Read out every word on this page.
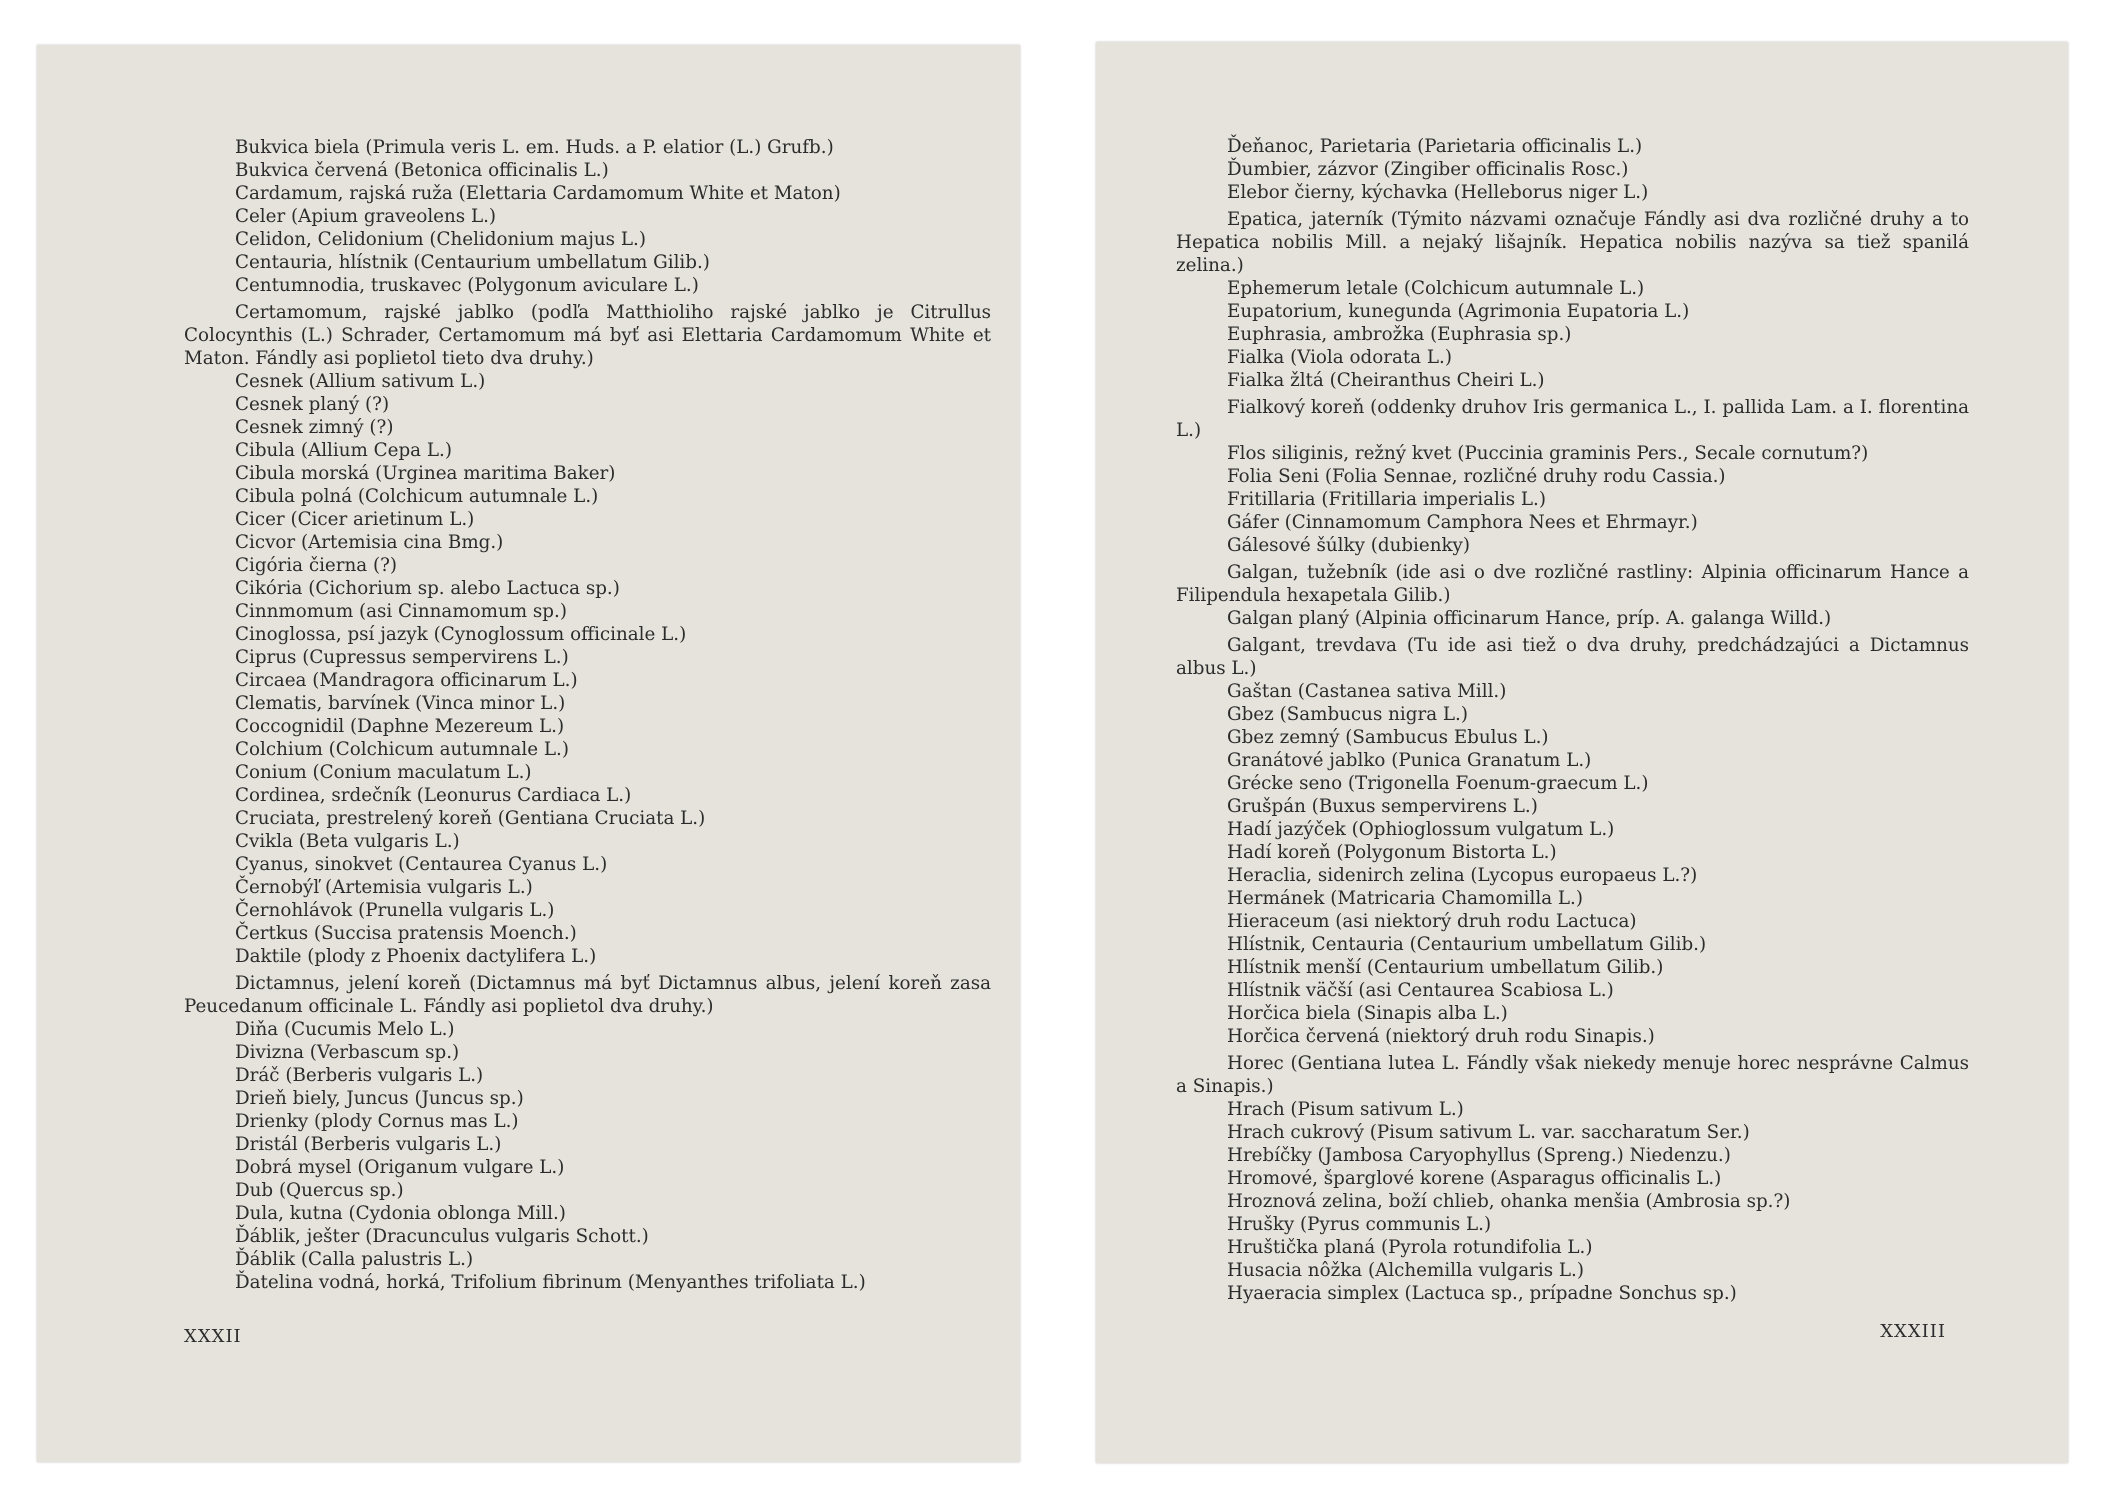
Bukvica biela (Primula veris L. em. Huds. a P. elatior (L.) Grufb.)

Bukvica červená (Betonica officinalis L.)

Cardamum, rajská ruža (Elettaria Cardamomum White et Maton)

Celer (Apium graveolens L.)

Celidon, Celidonium (Chelidonium majus L.)

Centauria, hlístnik (Centaurium umbellatum Gilib.)

Centumnodia, truskavec (Polygonum aviculare L.)

Certamomum, rajské jablko (podľa Matthioliho rajské jablko je Citrullus Colocynthis (L.) Schrader, Certamomum má byť asi Elettaria Cardamomum White et Maton. Fándly asi poplietol tieto dva druhy.)

Cesnek (Allium sativum L.)

Cesnek planý (?)

Cesnek zimný (?)

Cibula (Allium Cepa L.)

Cibula morská (Urginea maritima Baker)

Cibula polná (Colchicum autumnale L.)

Cicer (Cicer arietinum L.)

Cicvor (Artemisia cina Bmg.)

Cigória čierna (?)

Cikória (Cichorium sp. alebo Lactuca sp.)

Cinnmomum (asi Cinnamomum sp.)

Cinoglossa, psí jazyk (Cynoglossum officinale L.)

Ciprus (Cupressus sempervirens L.)

Circaea (Mandragora officinarum L.)

Clematis, barvínek (Vinca minor L.)

Coccognidil (Daphne Mezereum L.)

Colchium (Colchicum autumnale L.)

Conium (Conium maculatum L.)

Cordinea, srdečník (Leonurus Cardiaca L.)

Cruciata, prestrelený koreň (Gentiana Cruciata L.)

Cvikla (Beta vulgaris L.)

Cyanus, sinokvet (Centaurea Cyanus L.)

Černobýľ (Artemisia vulgaris L.)

Černohlávok (Prunella vulgaris L.)

Čertkus (Succisa pratensis Moench.)

Daktile (plody z Phoenix dactylifera L.)

Dictamnus, jelení koreň (Dictamnus má byť Dictamnus albus, jelení koreň zasa Peucedanum officinale L. Fándly asi poplietol dva druhy.)

Diňa (Cucumis Melo L.)

Divizna (Verbascum sp.)

Dráč (Berberis vulgaris L.)

Drieň biely, Juncus (Juncus sp.)

Drienky (plody Cornus mas L.)

Dristál (Berberis vulgaris L.)

Dobrá mysel (Origanum vulgare L.)

Dub (Quercus sp.)

Dula, kutna (Cydonia oblonga Mill.)

Ďáblik, ješter (Dracunculus vulgaris Schott.)

Ďáblik (Calla palustris L.)

Ďatelina vodná, horká, Trifolium fibrinum (Menyanthes trifoliata L.)

XXXII

Ďeňanoc, Parietaria (Parietaria officinalis L.)

Ďumbier, zázvor (Zingiber officinalis Rosc.)

Elebor čierny, kýchavka (Helleborus niger L.)

Epatica, jaterník (Týmito názvami označuje Fándly asi dva rozličné druhy a to Hepatica nobilis Mill. a nejaký lišajník. Hepatica nobilis nazýva sa tiež spanilá zelina.)

Ephemerum letale (Colchicum autumnale L.)

Eupatorium, kunegunda (Agrimonia Eupatoria L.)

Euphrasia, ambrožka (Euphrasia sp.)

Fialka (Viola odorata L.)

Fialka žltá (Cheiranthus Cheiri L.)

Fialkový koreň (oddenky druhov Iris germanica L., I. pallida Lam. a I. florentina L.)

Flos siliginis, režný kvet (Puccinia graminis Pers., Secale cornutum?)

Folia Seni (Folia Sennae, rozličné druhy rodu Cassia.)

Fritillaria (Fritillaria imperialis L.)

Gáfer (Cinnamomum Camphora Nees et Ehrmayr.)

Gálesové šúlky (dubienky)

Galgan, tužebník (ide asi o dve rozličné rastliny: Alpinia officinarum Hance a Filipendula hexapetala Gilib.)

Galgan planý (Alpinia officinarum Hance, príp. A. galanga Willd.)

Galgant, trevdava (Tu ide asi tiež o dva druhy, predchádzajúci a Dictamnus albus L.)

Gaštan (Castanea sativa Mill.)

Gbez (Sambucus nigra L.)

Gbez zemný (Sambucus Ebulus L.)

Granátové jablko (Punica Granatum L.)

Grécke seno (Trigonella Foenum-graecum L.)

Grušpán (Buxus sempervirens L.)

Hadí jazýček (Ophioglossum vulgatum L.)

Hadí koreň (Polygonum Bistorta L.)

Heraclia, sidenirch zelina (Lycopus europaeus L.?)

Hermánek (Matricaria Chamomilla L.)

Hieraceum (asi niektorý druh rodu Lactuca)

Hlístnik, Centauria (Centaurium umbellatum Gilib.)

Hlístnik menší (Centaurium umbellatum Gilib.)

Hlístnik väčší (asi Centaurea Scabiosa L.)

Horčica biela (Sinapis alba L.)

Horčica červená (niektorý druh rodu Sinapis.)

Horec (Gentiana lutea L. Fándly však niekedy menuje horec nesprávne Calmus a Sinapis.)

Hrach (Pisum sativum L.)

Hrach cukrový (Pisum sativum L. var. saccharatum Ser.)

Hrebíčky (Jambosa Caryophyllus (Spreng.) Niedenzu.)

Hromové, šparglové korene (Asparagus officinalis L.)

Hroznová zelina, boží chlieb, ohanka menšia (Ambrosia sp.?)

Hrušky (Pyrus communis L.)

Hruštička planá (Pyrola rotundifolia L.)

Husacia nôžka (Alchemilla vulgaris L.)

Hyaeracia simplex (Lactuca sp., prípadne Sonchus sp.)

XXXIII
